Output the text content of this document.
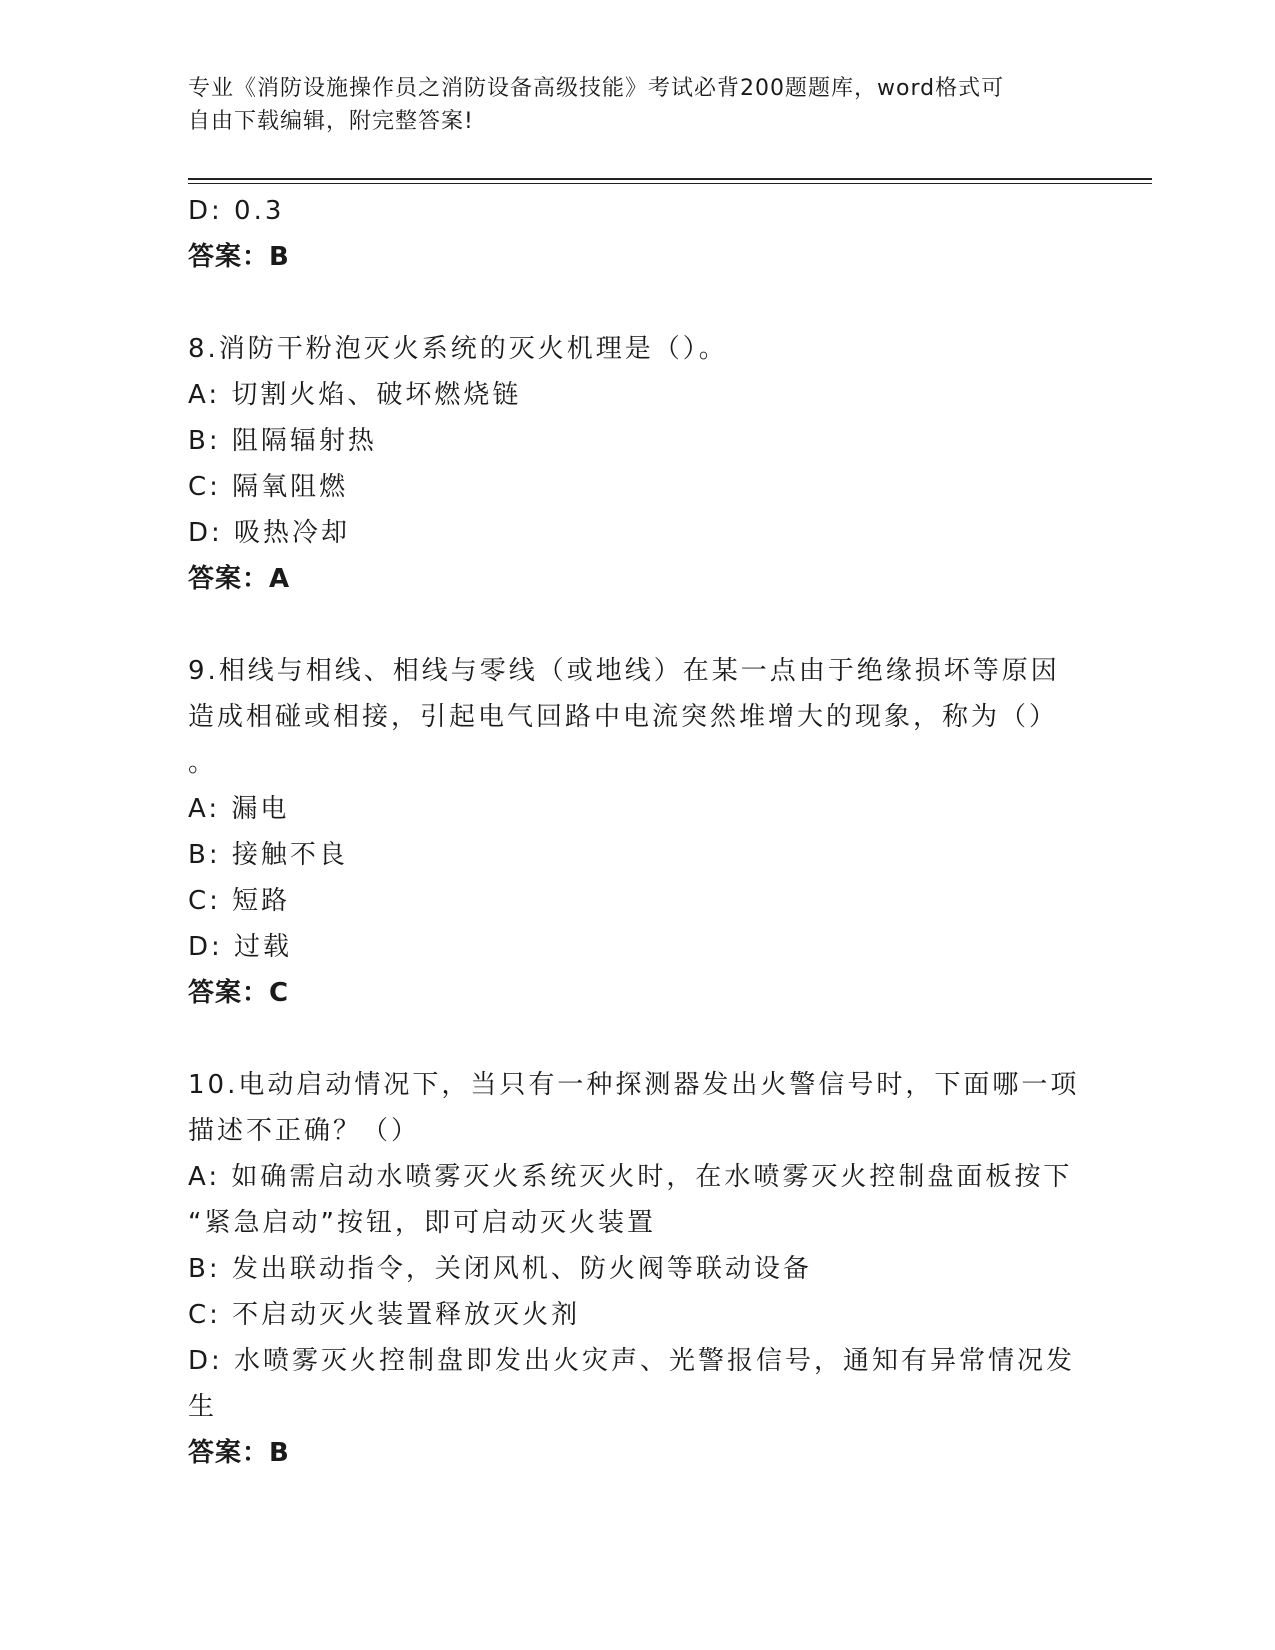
专业《消防设施操作员之消防设备高级技能》考试必背200题题库，word格式可
自由下载编辑，附完整答案!
D: 0.3
答案：B
8.消防干粉泡灭火系统的灭火机理是（）。
A: 切割火焰、破坏燃烧链
B: 阻隔辐射热
C: 隔氧阻燃
D: 吸热冷却
答案：A
9.相线与相线、相线与零线（或地线）在某一点由于绝缘损坏等原因
造成相碰或相接，引起电气回路中电流突然堆增大的现象，称为（）
。
A: 漏电
B: 接触不良
C: 短路
D: 过载
答案：C
10.电动启动情况下，当只有一种探测器发出火警信号时，下面哪一项
描述不正确？（）
A: 如确需启动水喷雾灭火系统灭火时，在水喷雾灭火控制盘面板按下
“紧急启动”按钮，即可启动灭火装置
B: 发出联动指令，关闭风机、防火阀等联动设备
C: 不启动灭火装置释放灭火剂
D: 水喷雾灭火控制盘即发出火灾声、光警报信号，通知有异常情况发
生
答案：B
